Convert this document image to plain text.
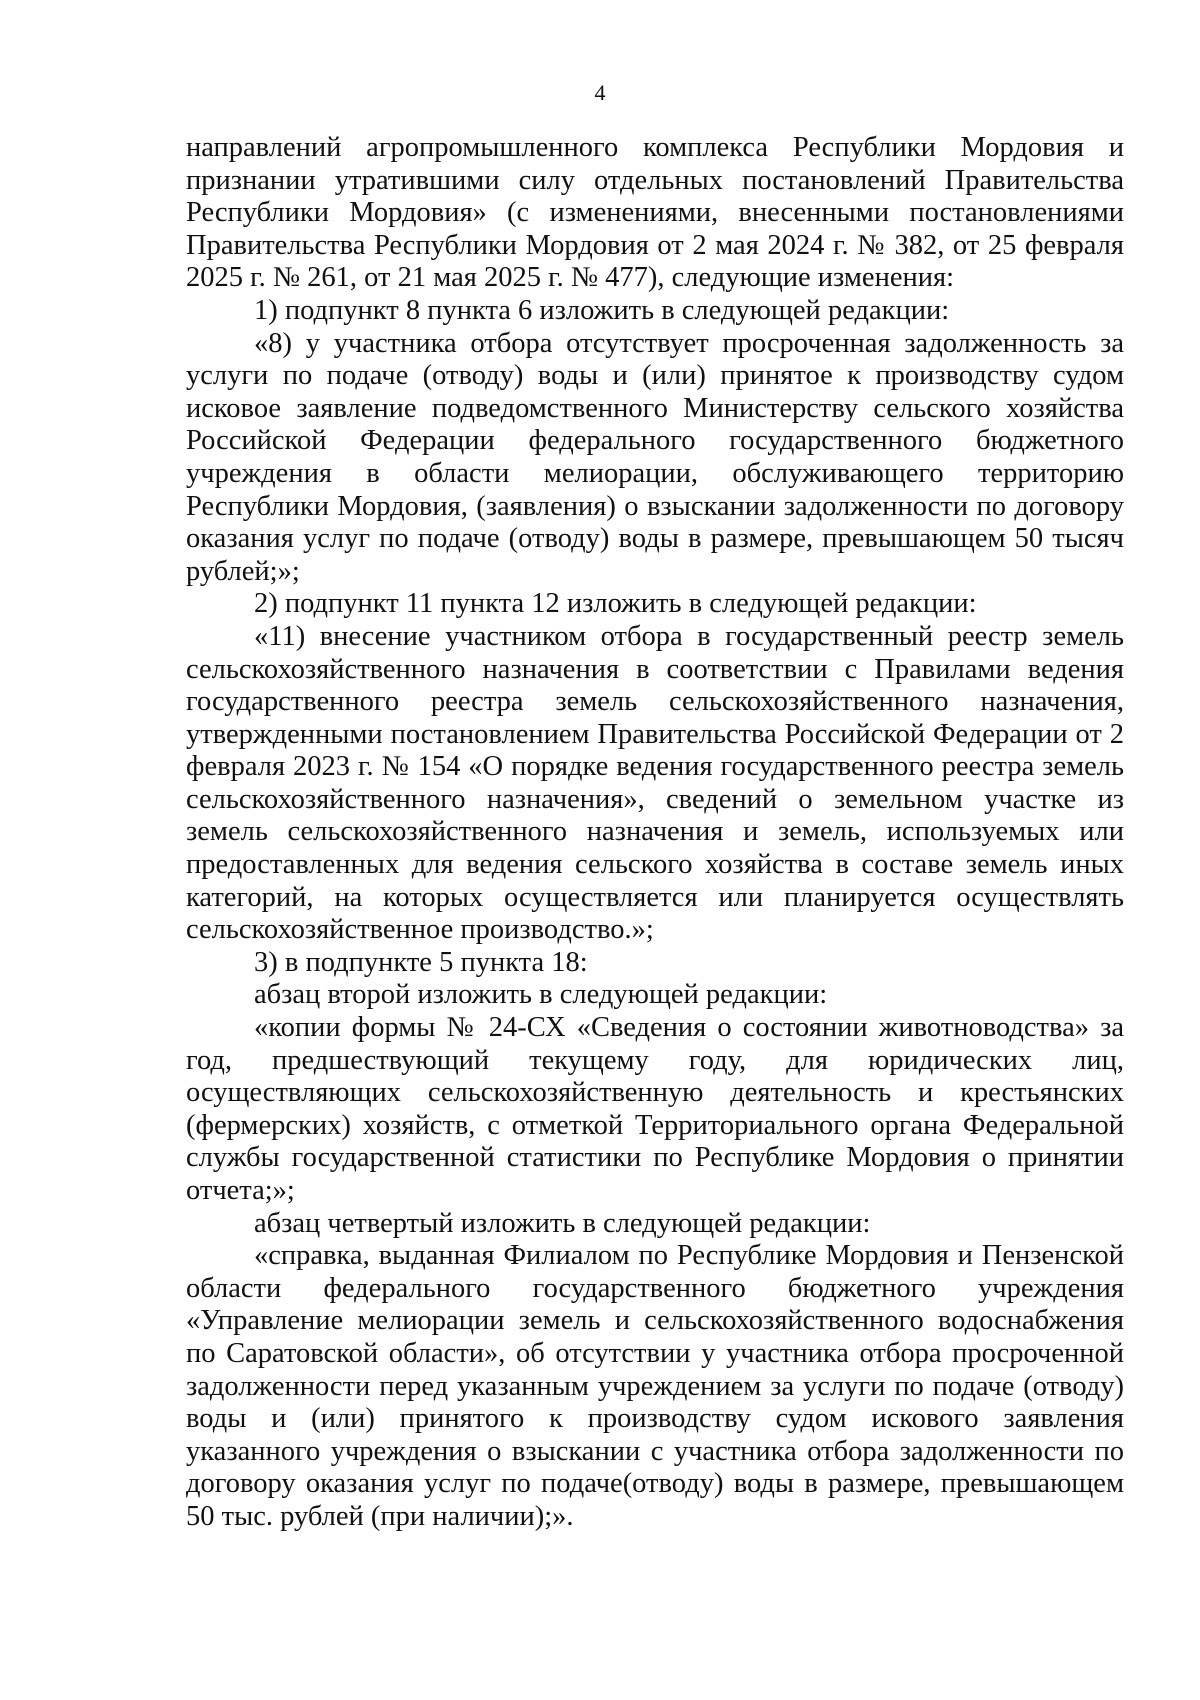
4

направлений агропромышленного комплекса Республики Мордовия и признании утратившими силу отдельных постановлений Правительства Республики Мордовия» (с изменениями, внесенными постановлениями Правительства Республики Мордовия от 2 мая 2024 г. № 382, от 25 февраля 2025 г. № 261, от 21 мая 2025 г. № 477), следующие изменения:

1) подпункт 8 пункта 6 изложить в следующей редакции:

«8) у участника отбора отсутствует просроченная задолженность за услуги по подаче (отводу) воды и (или) принятое к производству судом исковое заявление подведомственного Министерству сельского хозяйства Российской Федерации федерального государственного бюджетного учреждения в области мелиорации, обслуживающего территорию Республики Мордовия, (заявления) о взыскании задолженности по договору оказания услуг по подаче (отводу) воды в размере, превышающем 50 тысяч рублей;»;

2) подпункт 11 пункта 12 изложить в следующей редакции:

«11) внесение участником отбора в государственный реестр земель сельскохозяйственного назначения в соответствии с Правилами ведения государственного реестра земель сельскохозяйственного назначения, утвержденными постановлением Правительства Российской Федерации от 2 февраля 2023 г. № 154 «О порядке ведения государственного реестра земель сельскохозяйственного назначения», сведений о земельном участке из земель сельскохозяйственного назначения и земель, используемых или предоставленных для ведения сельского хозяйства в составе земель иных категорий, на которых осуществляется или планируется осуществлять сельскохозяйственное производство.»;

3) в подпункте 5 пункта 18:

абзац второй изложить в следующей редакции:

«копии формы № 24-СХ «Сведения о состоянии животноводства» за год, предшествующий текущему году, для юридических лиц, осуществляющих сельскохозяйственную деятельность и крестьянских (фермерских) хозяйств, с отметкой Территориального органа Федеральной службы государственной статистики по Республике Мордовия о принятии отчета;»;

абзац четвертый изложить в следующей редакции:

«справка, выданная Филиалом по Республике Мордовия и Пензенской области федерального государственного бюджетного учреждения «Управление мелиорации земель и сельскохозяйственного водоснабжения по Саратовской области», об отсутствии у участника отбора просроченной задолженности перед указанным учреждением за услуги по подаче (отводу) воды и (или) принятого к производству судом искового заявления указанного учреждения о взыскании с участника отбора задолженности по договору оказания услуг по подаче(отводу) воды в размере, превышающем 50 тыс. рублей (при наличии);».
